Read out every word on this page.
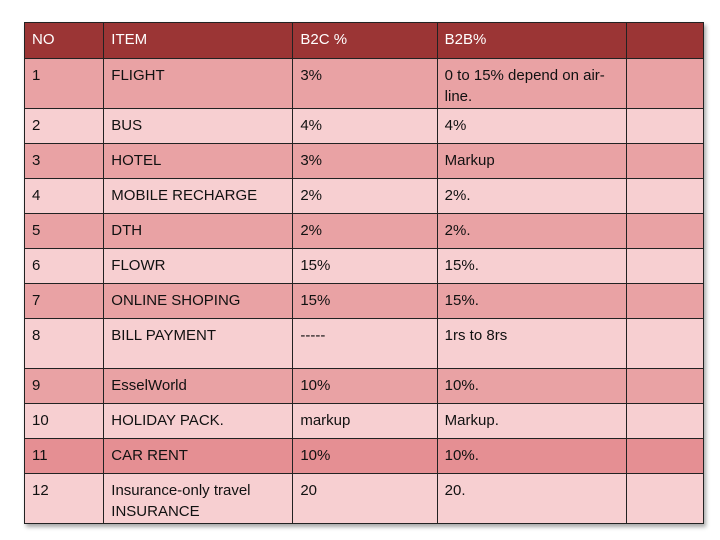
NO	ITEM	B2C %	B2B%	
1	FLIGHT	3%	0 to 15% depend on air-line.	
2	BUS	4%	4%	
3	HOTEL	3%	Markup	
4	MOBILE RECHARGE	2%	2%.	
5	DTH	2%	2%.	
6	FLOWR	15%	15%.	
7	ONLINE SHOPING	15%	15%.	
8	BILL PAYMENT	-----	1rs to 8rs	
9	EsselWorld	10%	10%.	
10	HOLIDAY PACK.	markup	Markup.	
11	CAR RENT	10%	10%.	
12	Insurance-only travel INSURANCE	20	20.	
